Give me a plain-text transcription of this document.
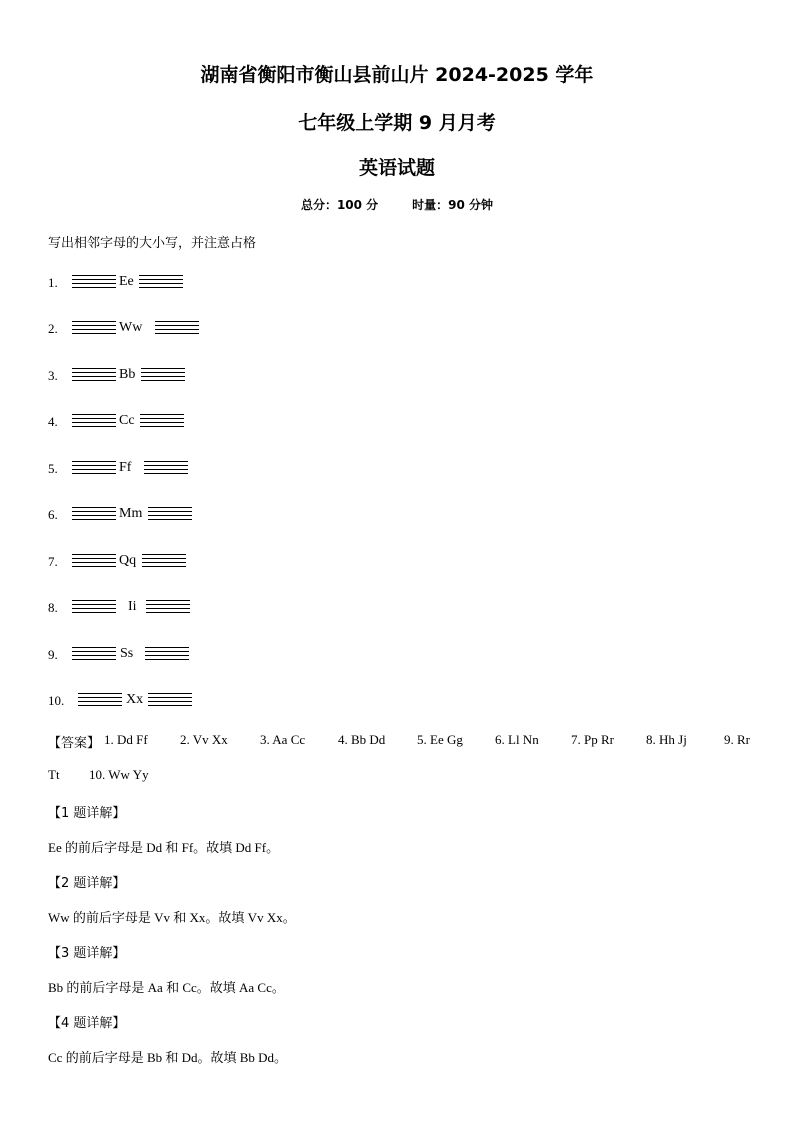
湖南省衡阳市衡山县前山片 2024-2025 学年
七年级上学期 9 月月考
英语试题
总分：100 分	时量：90 分钟
写出相邻字母的大小写，并注意占格
1.	Ee
2.	Ww
3.	Bb
4.	Cc
5.	Ff
6.	Mm
7.	Qq
8.	Ii
9.	Ss
10.	Xx
【答案】 1. Dd Ff 2. Vv Xx 3. Aa Cc	4. Bb Dd 5. Ee Gg 6. Ll Nn 7. Pp Rr 8. Hh Jj	9. Rr
Tt 10. Ww Yy
【1 题详解】
Ee 的前后字母是 Dd 和 Ff。故填 Dd Ff。
【2 题详解】
Ww 的前后字母是 Vv 和 Xx。故填 Vv Xx。
【3 题详解】
Bb 的前后字母是 Aa 和 Cc。故填 Aa Cc。
【4 题详解】
Cc 的前后字母是 Bb 和 Dd。故填 Bb Dd。
